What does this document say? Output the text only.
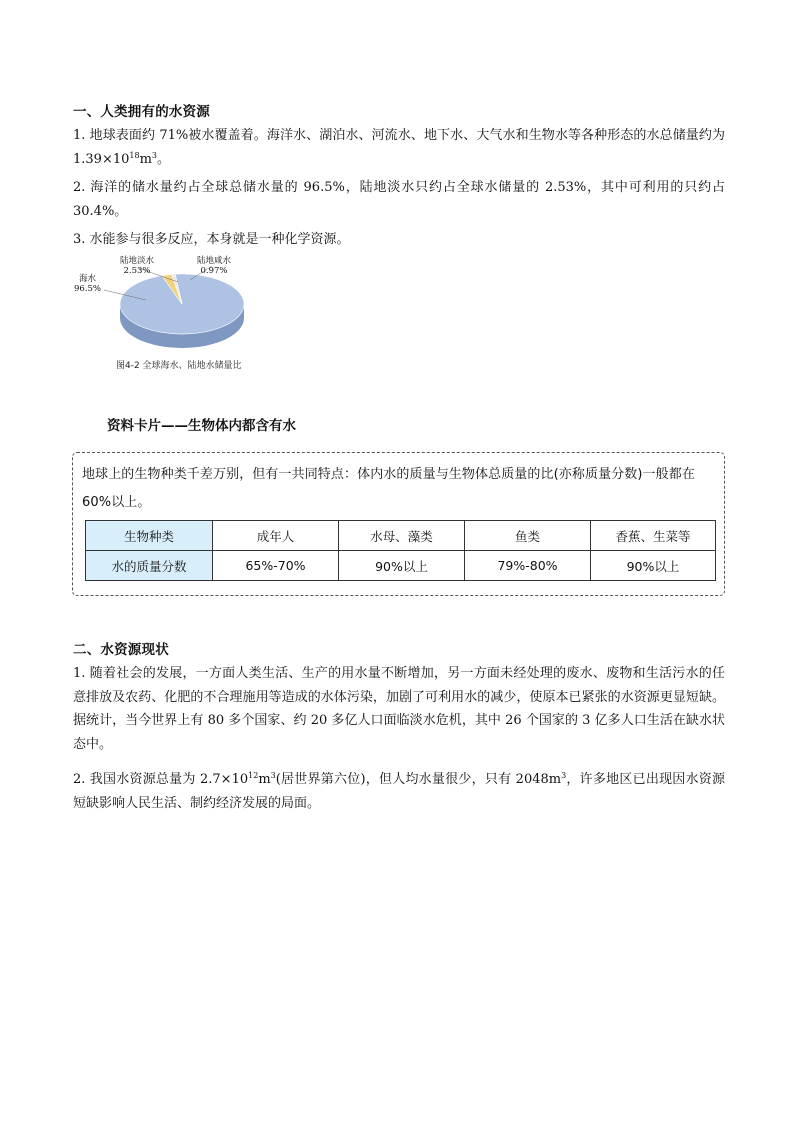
一、人类拥有的水资源
1. 地球表面约 71%被水覆盖着。海洋水、湖泊水、河流水、地下水、大气水和生物水等各种形态的水总储量约为 $1.39\times 10^{18}m^3$。
2. 海洋的储水量约占全球总储水量的 96.5%，陆地淡水只约占全球水储量的 2.53%，其中可利用的只约占 30.4%。
3. 水能参与很多反应，本身就是一种化学资源。
海水
96.5%
陆地淡水
2.53%
陆地咸水
0.97%
图4-2 全球海水、陆地水储量比
资料卡片——生物体内都含有水
地球上的生物种类千差万别，但有一共同特点：体内水的质量与生物体总质量的比(亦称质量分数)一般都在60%以上。
生物种类	成年人	水母、藻类	鱼类	香蕉、生菜等
水的质量分数	65%-70%	90%以上	79%-80%	90%以上
二、水资源现状
1. 随着社会的发展，一方面人类生活、生产的用水量不断增加，另一方面未经处理的废水、废物和生活污水的任意排放及农药、化肥的不合理施用等造成的水体污染，加剧了可利用水的减少，使原本已紧张的水资源更显短缺。据统计，当今世界上有 80 多个国家、约 20 多亿人口面临淡水危机，其中 26 个国家的 3 亿多人口生活在缺水状态中。
2. 我国水资源总量为 $2.7\times 10^{12}m^3$(居世界第六位)，但人均水量很少，只有 $2048m^3$，许多地区已出现因水资源短缺影响人民生活、制约经济发展的局面。
